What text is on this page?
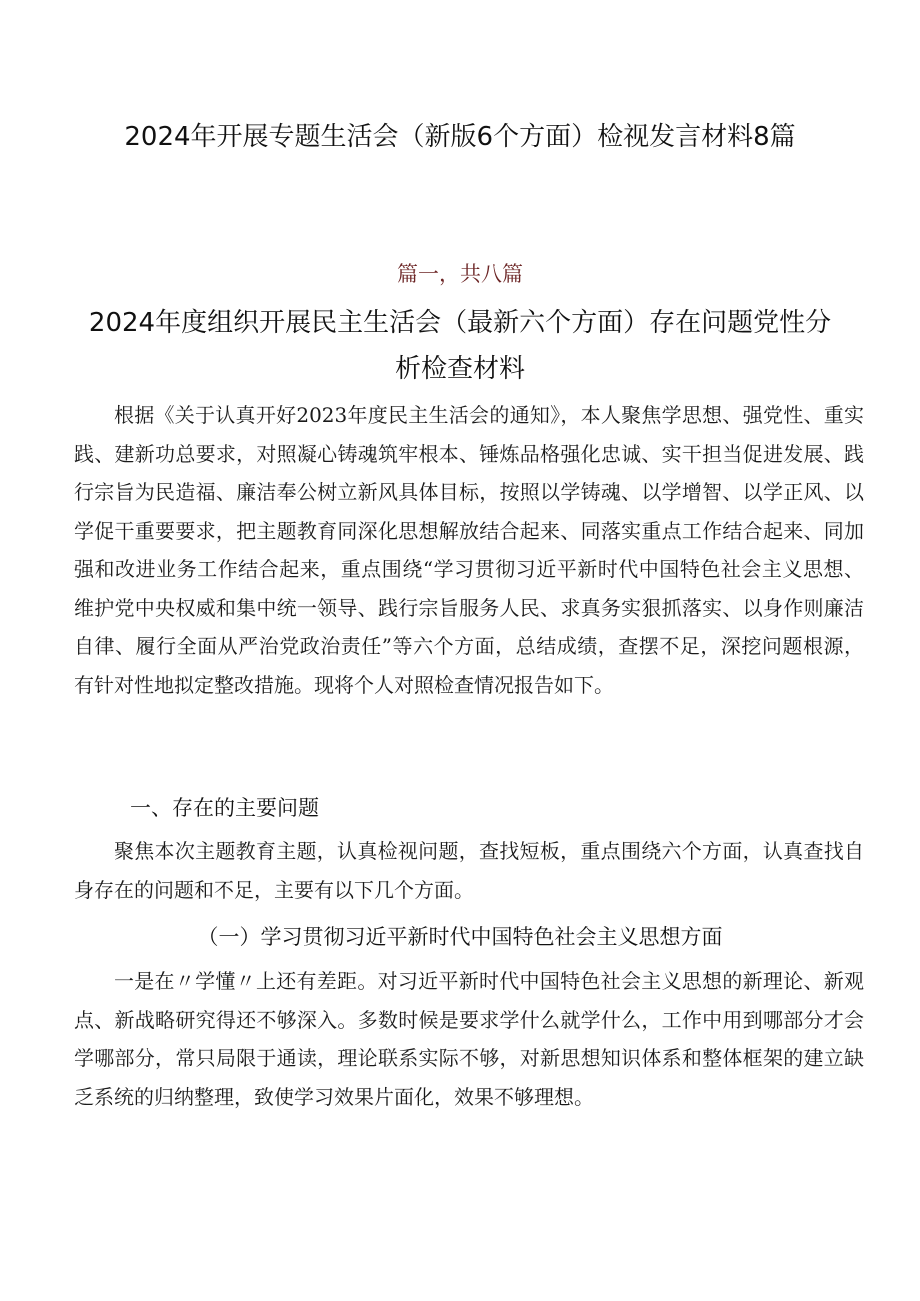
2024年开展专题生活会（新版6个方面）检视发言材料8篇
篇一，共八篇
2024年度组织开展民主生活会（最新六个方面）存在问题党性分析检查材料

根据《关于认真开好2023年度民主生活会的通知》，本人聚焦学思想、强党性、重实践、建新功总要求，对照凝心铸魂筑牢根本、锤炼品格强化忠诚、实干担当促进发展、践行宗旨为民造福、廉洁奉公树立新风具体目标，按照以学铸魂、以学增智、以学正风、以学促干重要要求，把主题教育同深化思想解放结合起来、同落实重点工作结合起来、同加强和改进业务工作结合起来，重点围绕“学习贯彻习近平新时代中国特色社会主义思想、维护党中央权威和集中统一领导、践行宗旨服务人民、求真务实狠抓落实、以身作则廉洁自律、履行全面从严治党政治责任”等六个方面，总结成绩，查摆不足，深挖问题根源，有针对性地拟定整改措施。现将个人对照检查情况报告如下。

一、存在的主要问题

聚焦本次主题教育主题，认真检视问题，查找短板，重点围绕六个方面，认真查找自身存在的问题和不足，主要有以下几个方面。

（一）学习贯彻习近平新时代中国特色社会主义思想方面

一是在〃学懂〃上还有差距。对习近平新时代中国特色社会主义思想的新理论、新观点、新战略研究得还不够深入。多数时候是要求学什么就学什么，工作中用到哪部分才会学哪部分，常只局限于通读，理论联系实际不够，对新思想知识体系和整体框架的建立缺乏系统的归纳整理，致使学习效果片面化，效果不够理想。
